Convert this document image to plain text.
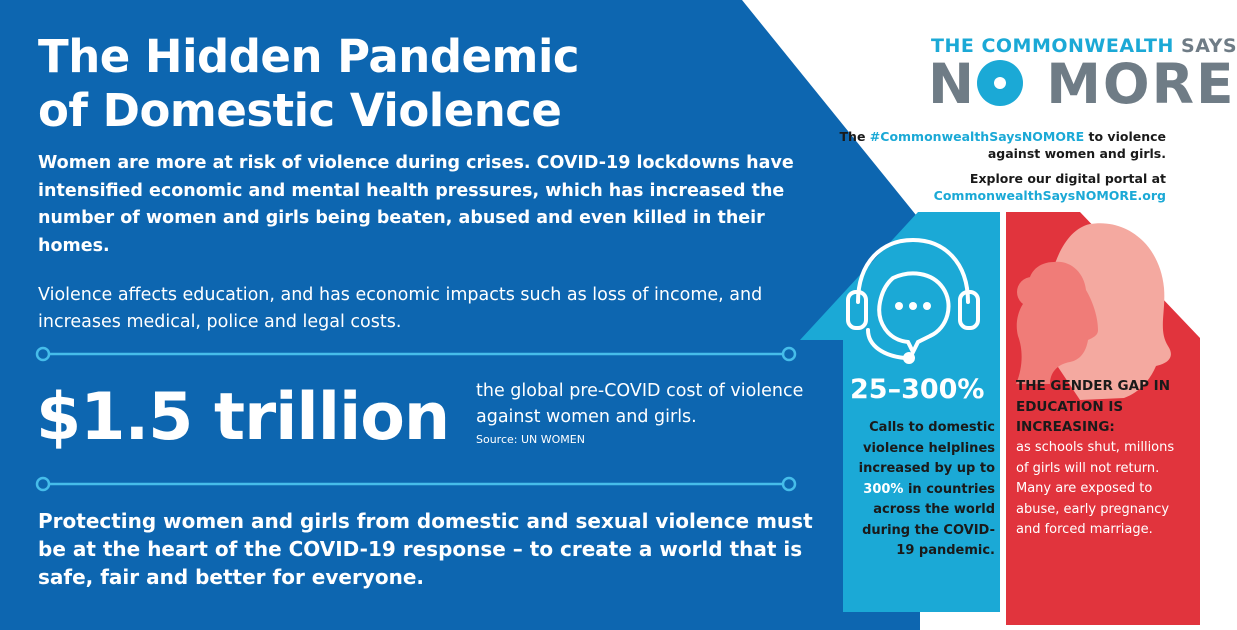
The Hidden Pandemic
of Domestic Violence
Women are more at risk of violence during crises. COVID-19 lockdowns have intensified economic and mental health pressures, which has increased the number of women and girls being beaten, abused and even killed in their homes.
Violence affects education, and has economic impacts such as loss of income, and increases medical, police and legal costs.
$1.5 trillion the global pre-COVID cost of violence against women and girls.
Source: UN WOMEN
Protecting women and girls from domestic and sexual violence must be at the heart of the COVID-19 response – to create a world that is safe, fair and better for everyone.
THE COMMONWEALTH SAYS
N MORE
The #CommonwealthSaysNOMORE to violence against women and girls.
Explore our digital portal at
CommonwealthSaysNOMORE.org
25–300%
Calls to domestic violence helplines increased by up to 300% in countries across the world during the COVID-19 pandemic.
THE GENDER GAP IN EDUCATION IS INCREASING:
as schools shut, millions of girls will not return. Many are exposed to abuse, early pregnancy and forced marriage.
